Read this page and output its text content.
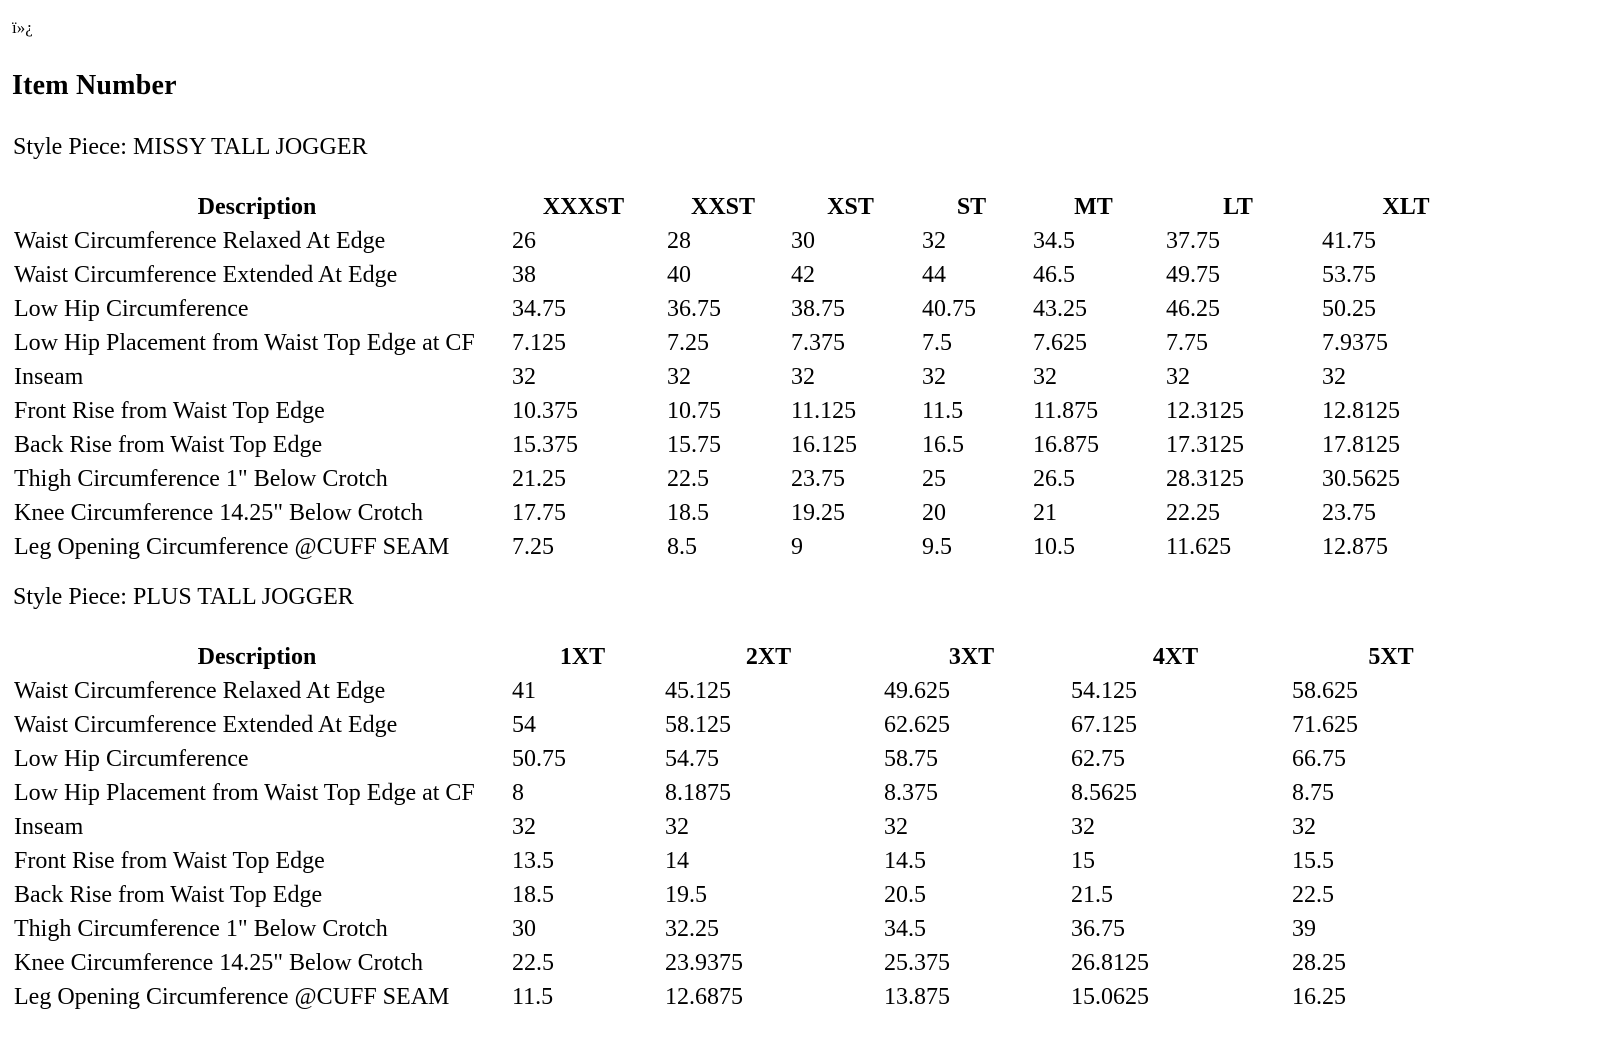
ï»¿
Item Number
Style Piece: MISSY TALL JOGGER
Description	XXXST	XXST	XST	ST	MT	LT	XLT
Waist Circumference Relaxed At Edge	26	28	30	32	34.5	37.75	41.75
Waist Circumference Extended At Edge	38	40	42	44	46.5	49.75	53.75
Low Hip Circumference	34.75	36.75	38.75	40.75	43.25	46.25	50.25
Low Hip Placement from Waist Top Edge at CF	7.125	7.25	7.375	7.5	7.625	7.75	7.9375
Inseam	32	32	32	32	32	32	32
Front Rise from Waist Top Edge	10.375	10.75	11.125	11.5	11.875	12.3125	12.8125
Back Rise from Waist Top Edge	15.375	15.75	16.125	16.5	16.875	17.3125	17.8125
Thigh Circumference 1" Below Crotch	21.25	22.5	23.75	25	26.5	28.3125	30.5625
Knee Circumference 14.25" Below Crotch	17.75	18.5	19.25	20	21	22.25	23.75
Leg Opening Circumference @CUFF SEAM	7.25	8.5	9	9.5	10.5	11.625	12.875
Style Piece: PLUS TALL JOGGER
Description	1XT	2XT	3XT	4XT	5XT
Waist Circumference Relaxed At Edge	41	45.125	49.625	54.125	58.625
Waist Circumference Extended At Edge	54	58.125	62.625	67.125	71.625
Low Hip Circumference	50.75	54.75	58.75	62.75	66.75
Low Hip Placement from Waist Top Edge at CF	8	8.1875	8.375	8.5625	8.75
Inseam	32	32	32	32	32
Front Rise from Waist Top Edge	13.5	14	14.5	15	15.5
Back Rise from Waist Top Edge	18.5	19.5	20.5	21.5	22.5
Thigh Circumference 1" Below Crotch	30	32.25	34.5	36.75	39
Knee Circumference 14.25" Below Crotch	22.5	23.9375	25.375	26.8125	28.25
Leg Opening Circumference @CUFF SEAM	11.5	12.6875	13.875	15.0625	16.25
